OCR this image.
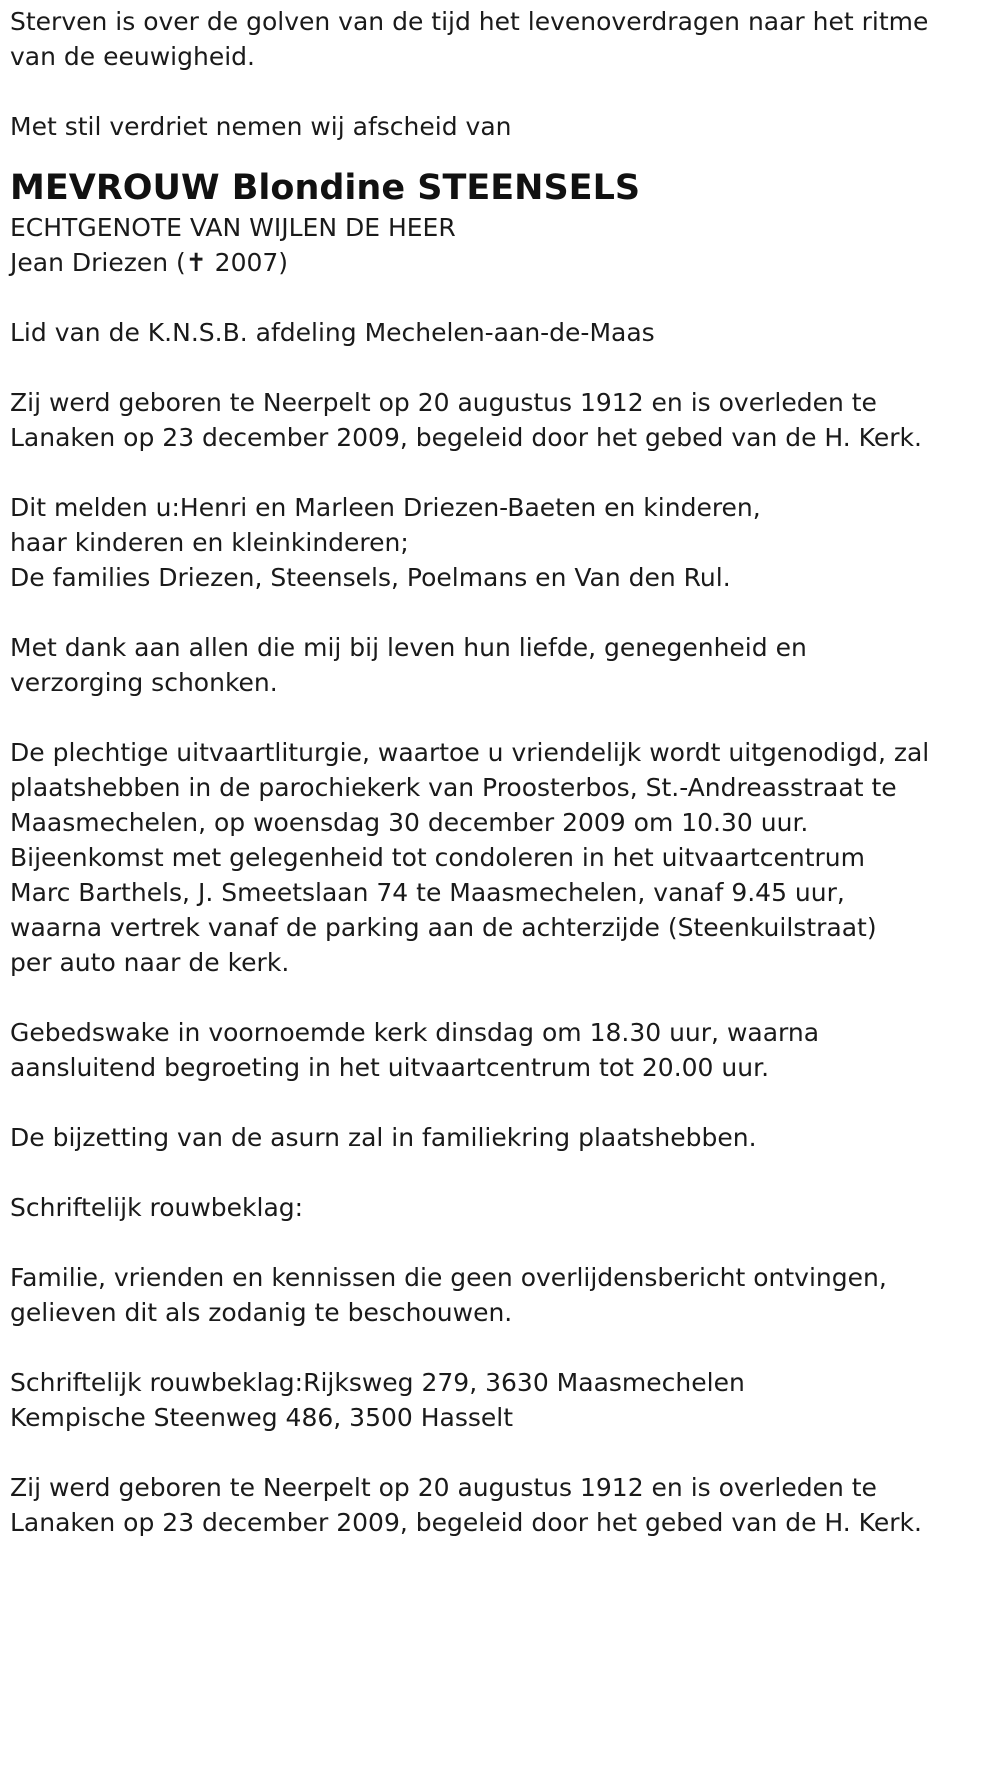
Sterven is over de golven van de tijd het levenoverdragen naar het ritme
van de eeuwigheid.

Met stil verdriet nemen wij afscheid van

MEVROUW Blondine STEENSELS

ECHTGENOTE VAN WIJLEN DE HEER
Jean Driezen (✝ 2007)

Lid van de K.N.S.B. afdeling Mechelen-aan-de-Maas

Zij werd geboren te Neerpelt op 20 augustus 1912 en is overleden te
Lanaken op 23 december 2009, begeleid door het gebed van de H. Kerk.

Dit melden u:Henri en Marleen Driezen-Baeten en kinderen,
haar kinderen en kleinkinderen;
De families Driezen, Steensels, Poelmans en Van den Rul.

Met dank aan allen die mij bij leven hun liefde, genegenheid en
verzorging schonken.

De plechtige uitvaartliturgie, waartoe u vriendelijk wordt uitgenodigd, zal
plaatshebben in de parochiekerk van Proosterbos, St.-Andreasstraat te
Maasmechelen, op woensdag 30 december 2009 om 10.30 uur.
Bijeenkomst met gelegenheid tot condoleren in het uitvaartcentrum
Marc Barthels, J. Smeetslaan 74 te Maasmechelen, vanaf 9.45 uur,
waarna vertrek vanaf de parking aan de achterzijde (Steenkuilstraat)
per auto naar de kerk.

Gebedswake in voornoemde kerk dinsdag om 18.30 uur, waarna
aansluitend begroeting in het uitvaartcentrum tot 20.00 uur.

De bijzetting van de asurn zal in familiekring plaatshebben.

Schriftelijk rouwbeklag:

Familie, vrienden en kennissen die geen overlijdensbericht ontvingen,
gelieven dit als zodanig te beschouwen.

Schriftelijk rouwbeklag:Rijksweg 279, 3630 Maasmechelen
Kempische Steenweg 486, 3500 Hasselt

Zij werd geboren te Neerpelt op 20 augustus 1912 en is overleden te
Lanaken op 23 december 2009, begeleid door het gebed van de H. Kerk.
